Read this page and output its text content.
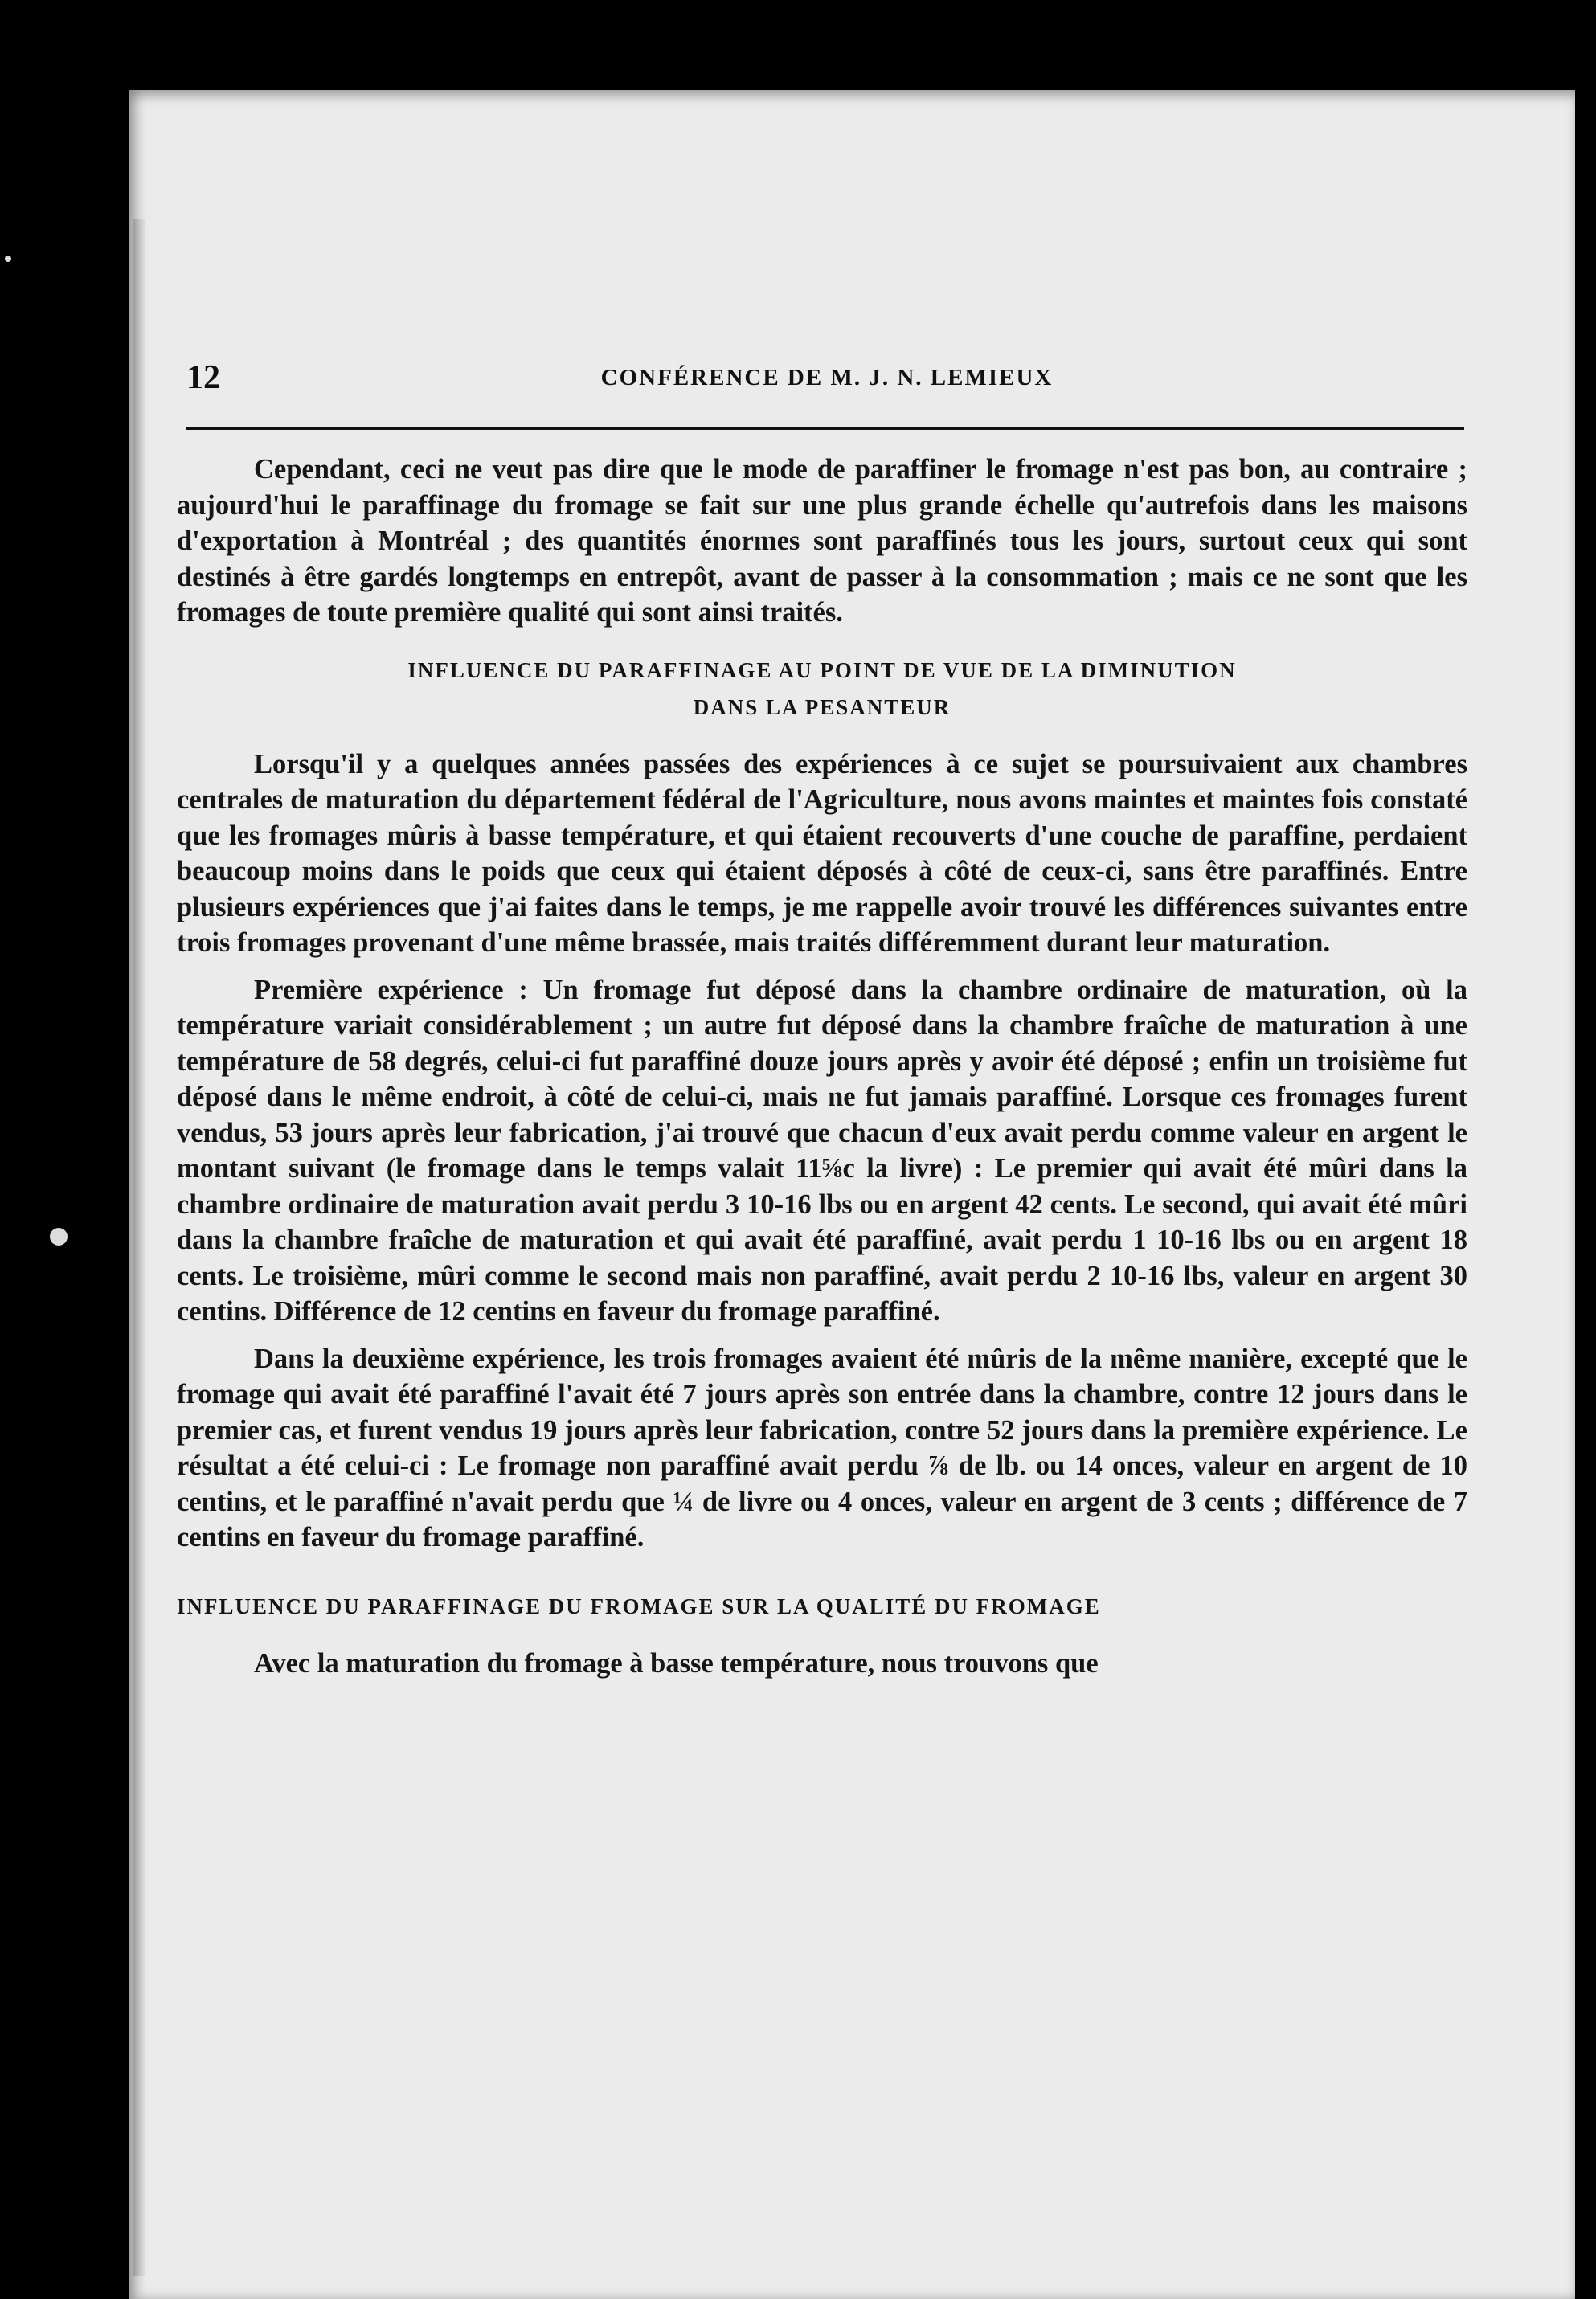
12	CONFÉRENCE DE M. J. N. LEMIEUX

Cependant, ceci ne veut pas dire que le mode de paraffiner le fromage n'est pas bon, au contraire ; aujourd'hui le paraffinage du fromage se fait sur une plus grande échelle qu'autrefois dans les maisons d'exportation à Montréal ; des quantités énormes sont paraffinés tous les jours, surtout ceux qui sont destinés à être gardés longtemps en entrepôt, avant de passer à la consommation ; mais ce ne sont que les fromages de toute première qualité qui sont ainsi traités.

INFLUENCE DU PARAFFINAGE AU POINT DE VUE DE LA DIMINUTION
DANS LA PESANTEUR

Lorsqu'il y a quelques années passées des expériences à ce sujet se poursuivaient aux chambres centrales de maturation du département fédéral de l'Agriculture, nous avons maintes et maintes fois constaté que les fromages mûris à basse température, et qui étaient recouverts d'une couche de paraffine, perdaient beaucoup moins dans le poids que ceux qui étaient déposés à côté de ceux-ci, sans être paraffinés. Entre plusieurs expériences que j'ai faites dans le temps, je me rappelle avoir trouvé les différences suivantes entre trois fromages provenant d'une même brassée, mais traités différemment durant leur maturation.

Première expérience : Un fromage fut déposé dans la chambre ordinaire de maturation, où la température variait considérablement ; un autre fut déposé dans la chambre fraîche de maturation à une température de 58 degrés, celui-ci fut paraffiné douze jours après y avoir été déposé ; enfin un troisième fut déposé dans le même endroit, à côté de celui-ci, mais ne fut jamais paraffiné. Lorsque ces fromages furent vendus, 53 jours après leur fabrication, j'ai trouvé que chacun d'eux avait perdu comme valeur en argent le montant suivant (le fromage dans le temps valait 11⅝c la livre) : Le premier qui avait été mûri dans la chambre ordinaire de maturation avait perdu 3 10-16 lbs ou en argent 42 cents. Le second, qui avait été mûri dans la chambre fraîche de maturation et qui avait été paraffiné, avait perdu 1 10-16 lbs ou en argent 18 cents. Le troisième, mûri comme le second mais non paraffiné, avait perdu 2 10-16 lbs, valeur en argent 30 centins. Différence de 12 centins en faveur du fromage paraffiné.

Dans la deuxième expérience, les trois fromages avaient été mûris de la même manière, excepté que le fromage qui avait été paraffiné l'avait été 7 jours après son entrée dans la chambre, contre 12 jours dans le premier cas, et furent vendus 19 jours après leur fabrication, contre 52 jours dans la première expérience. Le résultat a été celui-ci : Le fromage non paraffiné avait perdu ⅞ de lb. ou 14 onces, valeur en argent de 10 centins, et le paraffiné n'avait perdu que ¼ de livre ou 4 onces, valeur en argent de 3 cents ; différence de 7 centins en faveur du fromage paraffiné.

INFLUENCE DU PARAFFINAGE DU FROMAGE SUR LA QUALITÉ DU FROMAGE

Avec la maturation du fromage à basse température, nous trouvons que
